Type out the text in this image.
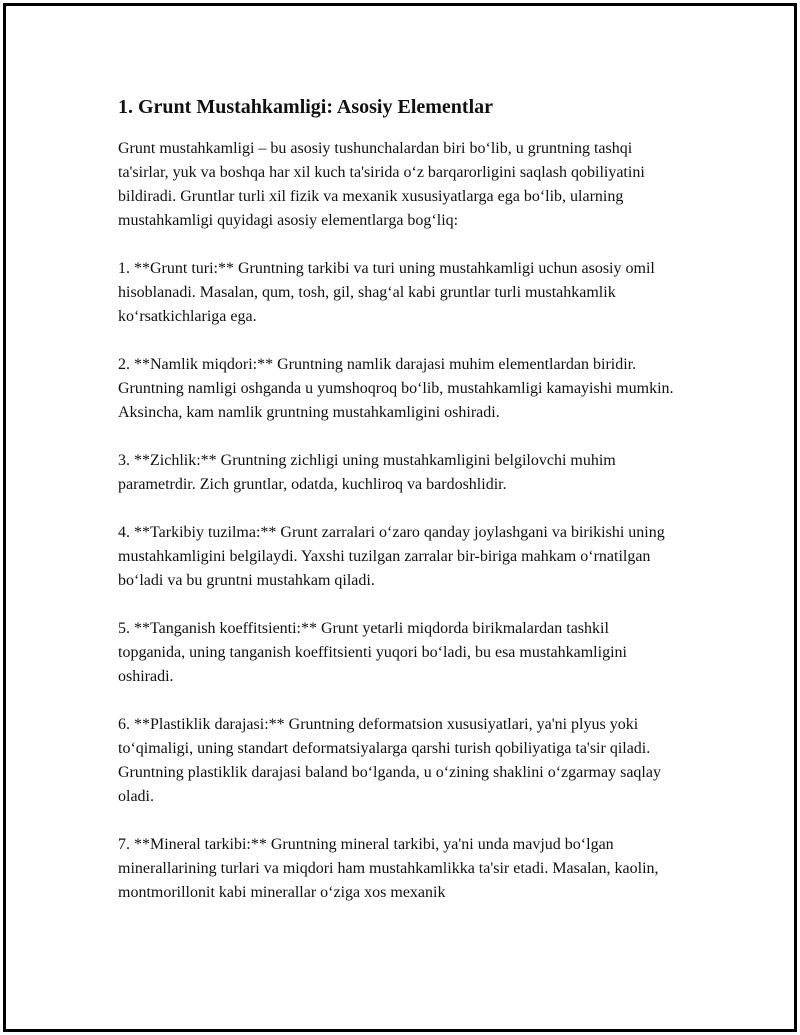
1. Grunt Mustahkamligi: Asosiy Elementlar

Grunt mustahkamligi – bu asosiy tushunchalardan biri bo‘lib, u gruntning tashqi ta'sirlar, yuk va boshqa har xil kuch ta'sirida o‘z barqarorligini saqlash qobiliyatini bildiradi. Gruntlar turli xil fizik va mexanik xususiyatlarga ega bo‘lib, ularning mustahkamligi quyidagi asosiy elementlarga bog‘liq:

1. **Grunt turi:** Gruntning tarkibi va turi uning mustahkamligi uchun asosiy omil hisoblanadi. Masalan, qum, tosh, gil, shag‘al kabi gruntlar turli mustahkamlik ko‘rsatkichlariga ega.

2. **Namlik miqdori:** Gruntning namlik darajasi muhim elementlardan biridir. Gruntning namligi oshganda u yumshoqroq bo‘lib, mustahkamligi kamayishi mumkin. Aksincha, kam namlik gruntning mustahkamligini oshiradi.

3. **Zichlik:** Gruntning zichligi uning mustahkamligini belgilovchi muhim parametrdir. Zich gruntlar, odatda, kuchliroq va bardoshlidir.

4. **Tarkibiy tuzilma:** Grunt zarralari o‘zaro qanday joylashgani va birikishi uning mustahkamligini belgilaydi. Yaxshi tuzilgan zarralar bir-biriga mahkam o‘rnatilgan bo‘ladi va bu gruntni mustahkam qiladi.

5. **Tanganish koeffitsienti:** Grunt yetarli miqdorda birikmalardan tashkil topganida, uning tanganish koeffitsienti yuqori bo‘ladi, bu esa mustahkamligini oshiradi.

6. **Plastiklik darajasi:** Gruntning deformatsion xususiyatlari, ya'ni plyus yoki to‘qimaligi, uning standart deformatsiyalarga qarshi turish qobiliyatiga ta'sir qiladi. Gruntning plastiklik darajasi baland bo‘lganda, u o‘zining shaklini o‘zgarmay saqlay oladi.

7. **Mineral tarkibi:** Gruntning mineral tarkibi, ya'ni unda mavjud bo‘lgan minerallarining turlari va miqdori ham mustahkamlikka ta'sir etadi. Masalan, kaolin, montmorillonit kabi minerallar o‘ziga xos mexanik
